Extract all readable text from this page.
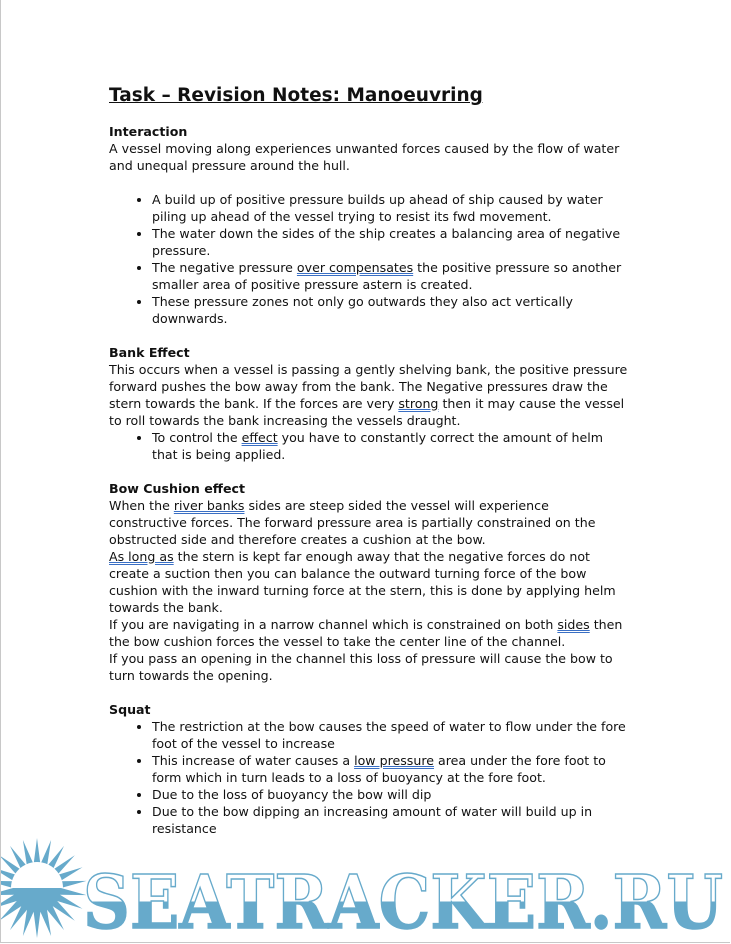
Task – Revision Notes: Manoeuvring
Interaction

A vessel moving along experiences unwanted forces caused by the flow of water and unequal pressure around the hull.

• A build up of positive pressure builds up ahead of ship caused by water piling up ahead of the vessel trying to resist its fwd movement.
• The water down the sides of the ship creates a balancing area of negative pressure.
• The negative pressure over compensates the positive pressure so another smaller area of positive pressure astern is created.
• These pressure zones not only go outwards they also act vertically downwards.
Bank Effect

This occurs when a vessel is passing a gently shelving bank, the positive pressure forward pushes the bow away from the bank. The Negative pressures draw the stern towards the bank. If the forces are very strong then it may cause the vessel to roll towards the bank increasing the vessels draught.

• To control the effect you have to constantly correct the amount of helm that is being applied.
Bow Cushion effect

When the river banks sides are steep sided the vessel will experience constructive forces. The forward pressure area is partially constrained on the obstructed side and therefore creates a cushion at the bow.

As long as the stern is kept far enough away that the negative forces do not create a suction then you can balance the outward turning force of the bow cushion with the inward turning force at the stern, this is done by applying helm towards the bank.

If you are navigating in a narrow channel which is constrained on both sides then the bow cushion forces the vessel to take the center line of the channel.

If you pass an opening in the channel this loss of pressure will cause the bow to turn towards the opening.

Squat
• The restriction at the bow causes the speed of water to flow under the fore foot of the vessel to increase
• This increase of water causes a low pressure area under the fore foot to form which in turn leads to a loss of buoyancy at the fore foot.
• Due to the loss of buoyancy the bow will dip
• Due to the bow dipping an increasing amount of water will build up in resistance
SEATRACKER.RU
